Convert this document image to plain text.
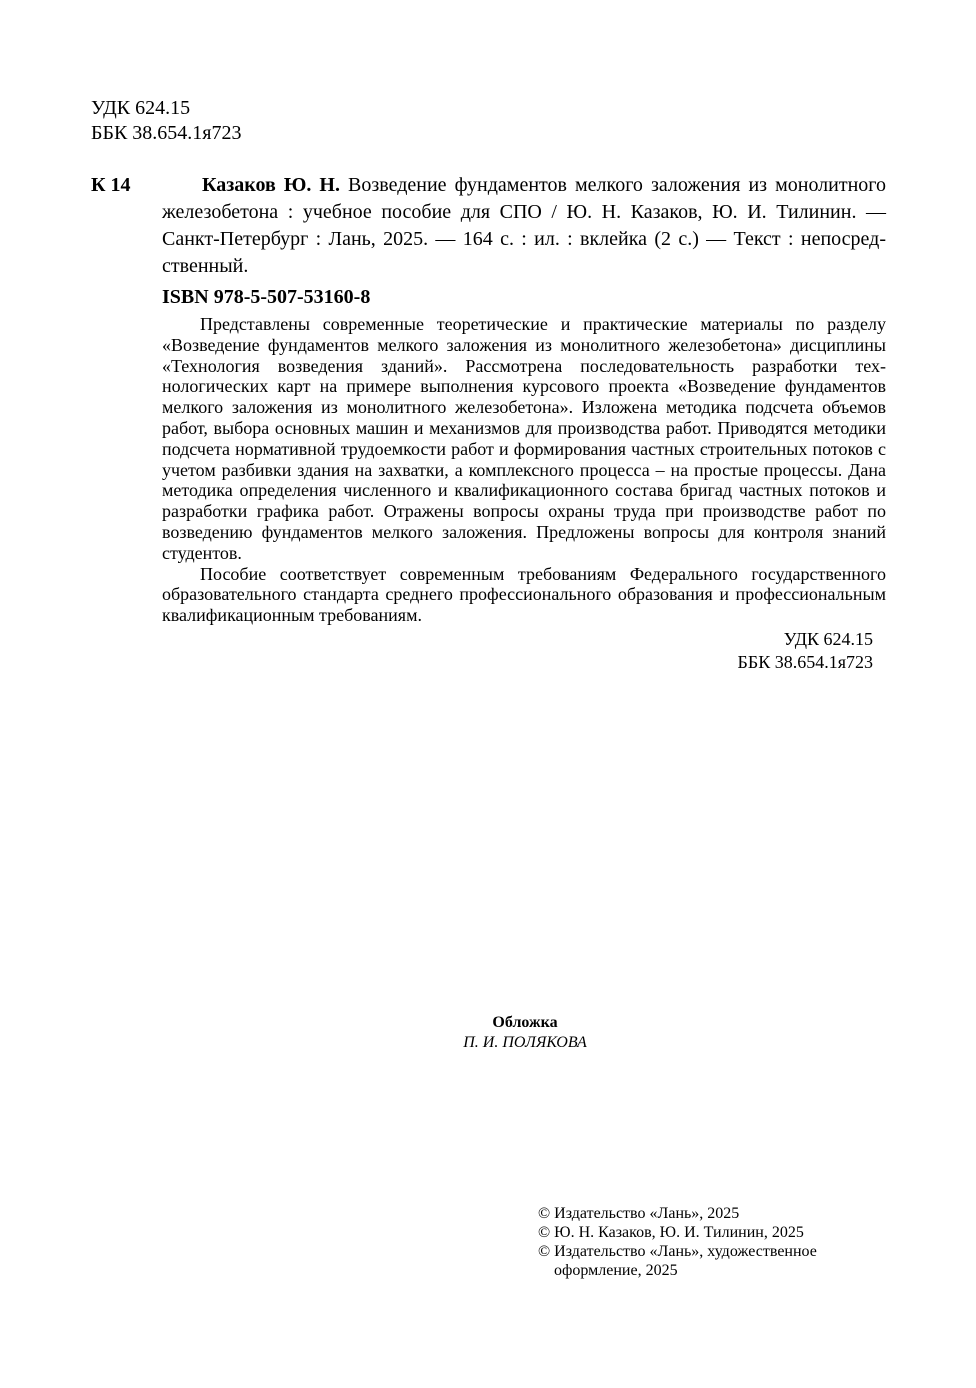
УДК 624.15
ББК 38.654.1я723
К 14	Казаков Ю. Н. Возведение фундаментов мелкого заложения из монолитного железобетона : учебное пособие для СПО / Ю. Н. Казаков, Ю. И. Тилинин. — Санкт-Петербург : Лань, 2025. — 164 с. : ил. : вклейка (2 с.) — Текст : непосредственный.
ISBN 978-5-507-53160-8

Представлены современные теоретические и практические материалы по разделу «Возведение фундаментов мелкого заложения из монолитного железобетона» дисциплины «Технология возведения зданий». Рассмотрена последовательность разработки технологических карт на примере выполнения курсового проекта «Возведение фундаментов мелкого заложения из монолитного железобетона». Изложена методика подсчета объемов работ, выбора основных машин и механизмов для производства работ. Приводятся методики подсчета нормативной трудоемкости работ и формирования частных строительных потоков с учетом разбивки здания на захватки, а комплексного процесса – на простые процессы. Дана методика определения численного и квалификационного состава бригад частных потоков и разработки графика работ. Отражены вопросы охраны труда при производстве работ по возведению фундаментов мелкого заложения. Предложены вопросы для контроля знаний студентов.

Пособие соответствует современным требованиям Федерального государственного образовательного стандарта среднего профессионального образования и профессиональным квалификационным требованиям.

УДК 624.15
ББК 38.654.1я723
Обложка
П. И. ПОЛЯКОВА
© Издательство «Лань», 2025
© Ю. Н. Казаков, Ю. И. Тилинин, 2025
© Издательство «Лань», художественное оформление, 2025
